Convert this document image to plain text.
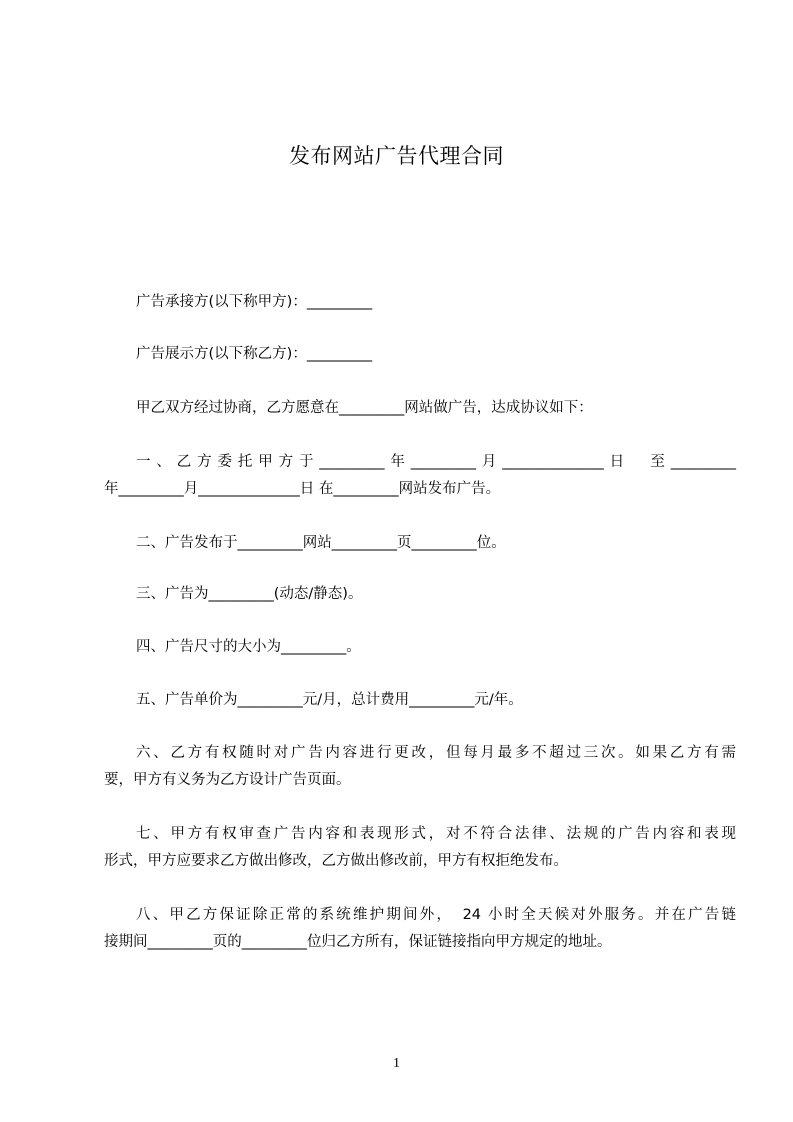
发布网站广告代理合同
广告承接方(以下称甲方)：_________
广告展示方(以下称乙方)：_________
甲乙双方经过协商，乙方愿意在_________网站做广告，达成协议如下：
一、乙方委托甲方于_________年_________月______________日　至_________
年_________月______________日 在_________网站发布广告。
二、广告发布于_________网站_________页_________位。
三、广告为_________(动态/静态)。
四、广告尺寸的大小为_________。
五、广告单价为_________元/月，总计费用_________元/年。
六、乙方有权随时对广告内容进行更改，但每月最多不超过三次。如果乙方有需
要，甲方有义务为乙方设计广告页面。
七、甲方有权审查广告内容和表现形式，对不符合法律、法规的广告内容和表现
形式，甲方应要求乙方做出修改，乙方做出修改前，甲方有权拒绝发布。
八、甲乙方保证除正常的系统维护期间外，　24 小时全天候对外服务。并在广告链
接期间_________页的_________位归乙方所有，保证链接指向甲方规定的地址。
1
